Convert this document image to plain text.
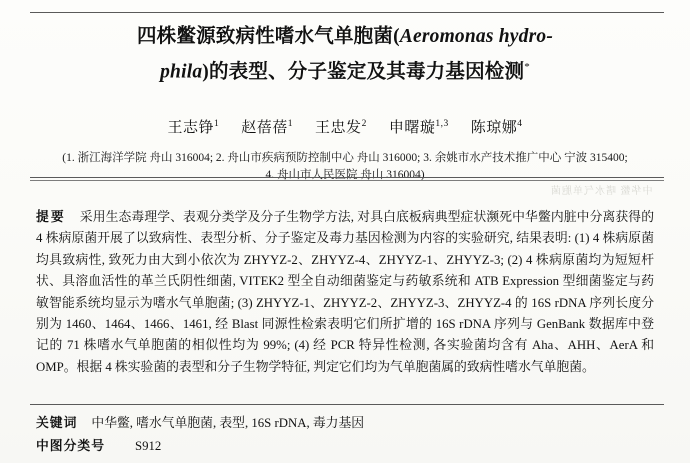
四株鳖源致病性嗜水气单胞菌(Aeromonas hydro-
phila)的表型、分子鉴定及其毒力基因检测*
王志铮$^1$ 赵蓓蓓$^1$ 王忠发$^2$ 申曙璇$^{1,3}$ 陈琼娜$^4$
(1. 浙江海洋学院 舟山 316004; 2. 舟山市疾病预防控制中心 舟山 316000; 3. 余姚市水产技术推广中心 宁波 315400;
4. 舟山市人民医院 舟山 316004)
中华鳖 嗜水气单胞菌

提要 采用生态毒理学、表观分类学及分子生物学方法, 对具白底板病典型症状濒死中华鳖内脏中分离获得的 4 株病原菌开展了以致病性、表型分析、分子鉴定及毒力基因检测为内容的实验研究, 结果表明: (1) 4 株病原菌均具致病性, 致死力由大到小依次为 ZHYYZ-2、ZHYYZ-4、ZHYYZ-1、ZHYYZ-3; (2) 4 株病原菌均为短短杆状、具溶血活性的革兰氏阴性细菌, VITEK2 型全自动细菌鉴定与药敏系统和 ATB Expression 型细菌鉴定与药敏智能系统均显示为嗜水气单胞菌; (3) ZHYYZ-1、ZHYYZ-2、ZHYYZ-3、ZHYYZ-4 的 16S rDNA 序列长度分别为 1460、1464、1466、1461, 经 Blast 同源性检索表明它们所扩增的 16S rDNA 序列与 GenBank 数据库中登记的 71 株嗜水气单胞菌的相似性均为 99%; (4) 经 PCR 特异性检测, 各实验菌均含有 Aha、AHH、AerA 和 OMP。根据 4 株实验菌的表型和分子生物学特征, 判定它们均为气单胞菌属的致病性嗜水气单胞菌。

关键词 中华鳖, 嗜水气单胞菌, 表型, 16S rDNA, 毒力基因
中图分类号 S912
